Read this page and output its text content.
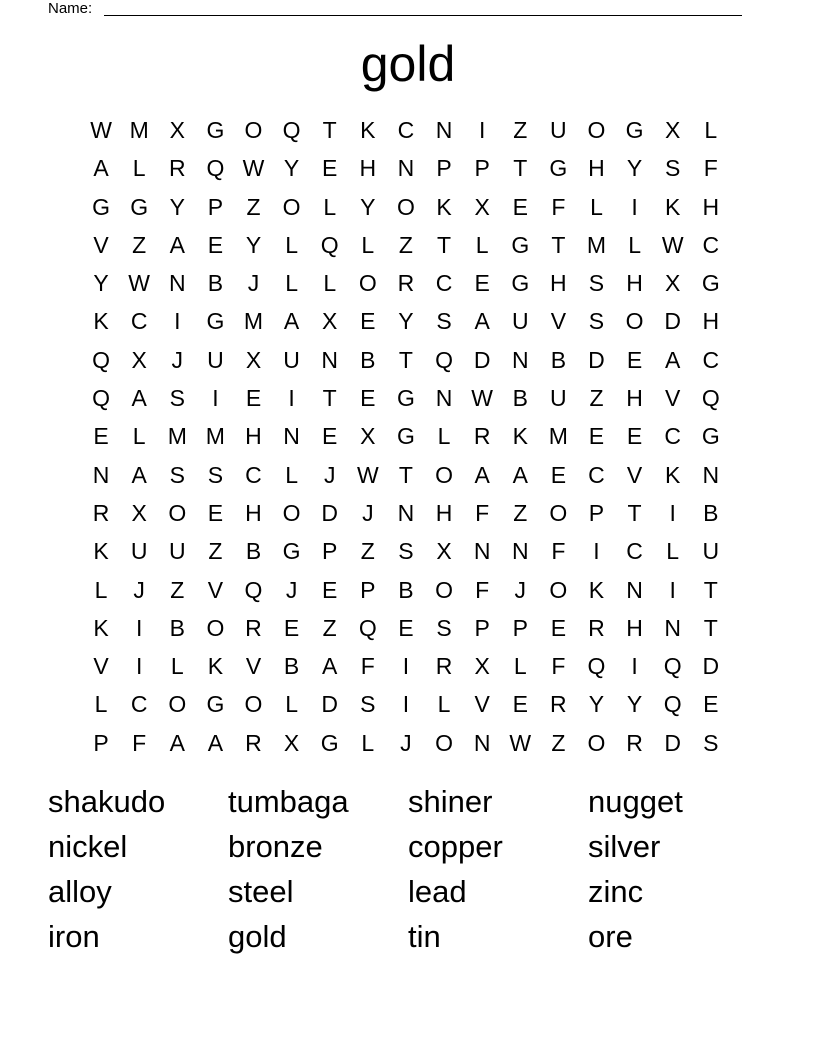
Name:
gold
W M X G O Q T	K C N	I	Z U O G X	L
A	L	R Q W Y E H N P P	T G H Y S	F
G G Y P	Z O L	Y O K X E	F	L	I	K H
V	Z	A E Y	L Q L	Z	T	L G T M L W C
Y W N B	J	L	L O R C E G H S H X G
K C	I	G M A X E Y S A U V S O D H
Q X	J	U X U N B	T Q D N B D E A C
Q A S	I	E	I	T	E G N W B U Z H V Q
E	L M M H N E X G L	R K M E E C G
N A S S C	L	J W T O A A E C V K N
R X O E H O D	J	N H F	Z O P	T	I	B
K U U Z	B G P	Z	S X N N F	I	C	L	U
L	J	Z	V Q	J	E P B O F	J	O K N	I	T
K	I	B O R E	Z Q E S P P E R H N T
V	I	L	K V B A	F	I	R X	L	F Q	I	Q D
L	C O G O L	D S	I	L	V E R Y Y Q E
P	F	A A R X G L	J	O N W Z O R D S
shakudo	tumbaga	shiner	nugget
nickel	bronze	copper	silver
alloy	steel	lead	zinc
iron	gold	tin	ore
